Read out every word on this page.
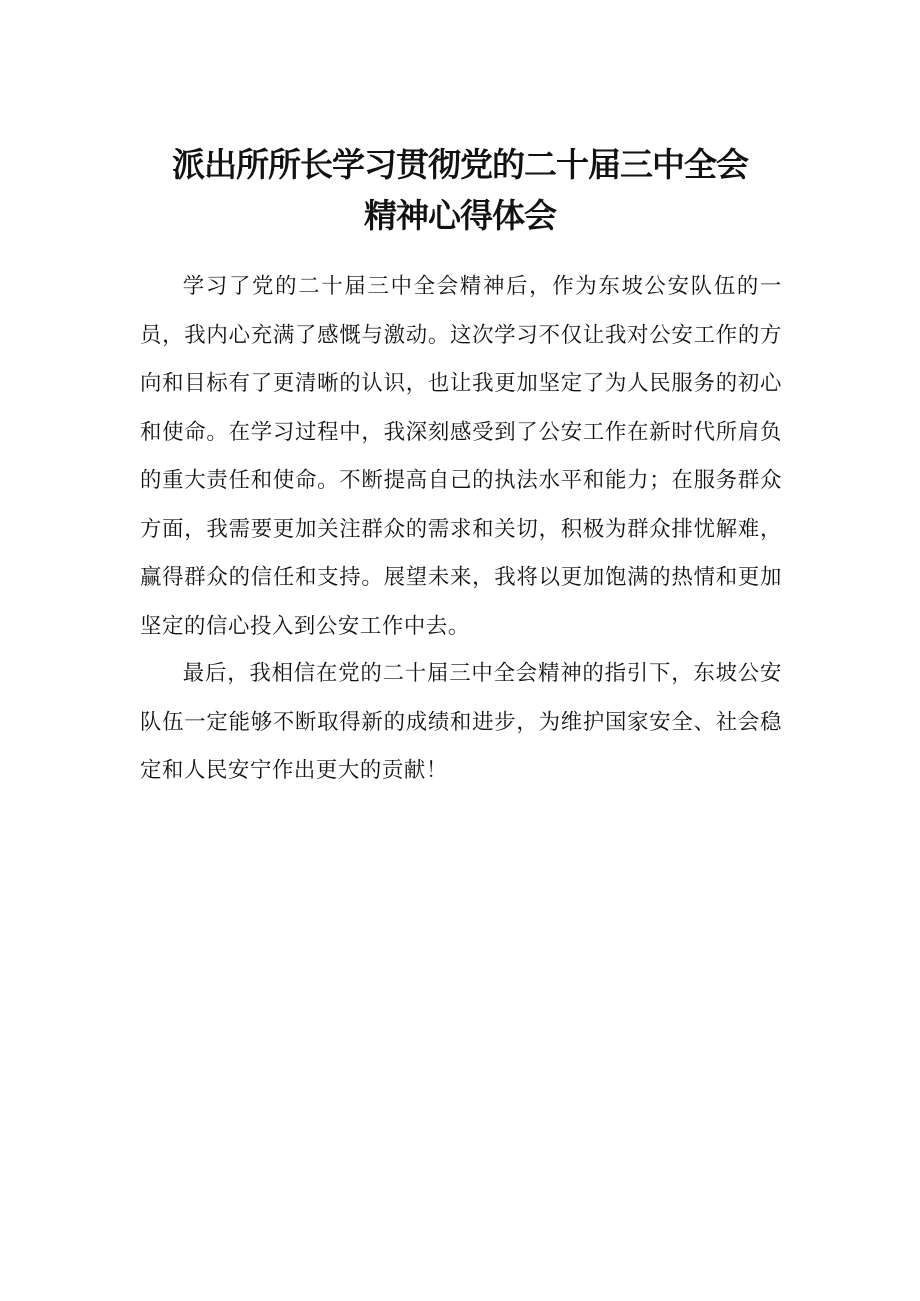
派出所所长学习贯彻党的二十届三中全会
精神心得体会

学习了党的二十届三中全会精神后，作为东坡公安队伍的一员，我内心充满了感慨与激动。这次学习不仅让我对公安工作的方向和目标有了更清晰的认识，也让我更加坚定了为人民服务的初心和使命。在学习过程中，我深刻感受到了公安工作在新时代所肩负的重大责任和使命。不断提高自己的执法水平和能力；在服务群众方面，我需要更加关注群众的需求和关切，积极为群众排忧解难，赢得群众的信任和支持。展望未来，我将以更加饱满的热情和更加坚定的信心投入到公安工作中去。

最后，我相信在党的二十届三中全会精神的指引下，东坡公安队伍一定能够不断取得新的成绩和进步，为维护国家安全、社会稳定和人民安宁作出更大的贡献！
